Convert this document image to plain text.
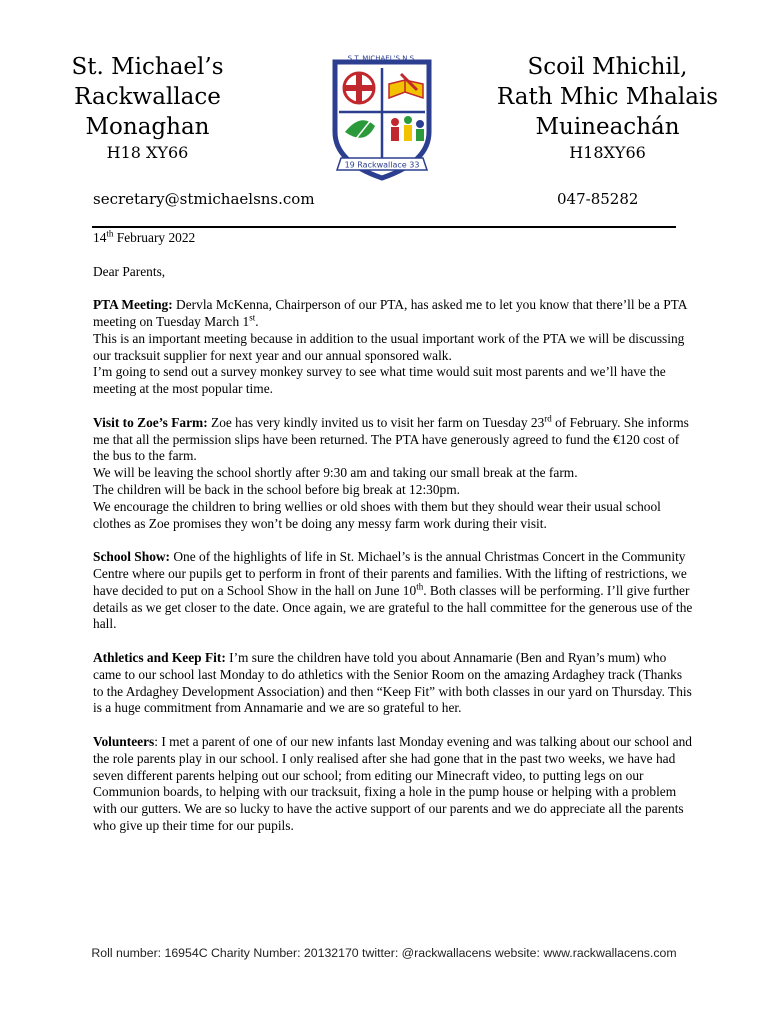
St. Michael’s
Rackwallace
Monaghan
H18 XY66
19 Rackwallace 33
S.T. MICHAEL'S N.S.	Scoil Mhichil,
Rath Mhic Mhalais
Muineachán
H18XY66
secretary@stmichaelsns.com	047-85282

14th February 2022

Dear Parents,

PTA Meeting: Dervla McKenna, Chairperson of our PTA, has asked me to let you know that there’ll be a PTA meeting on Tuesday March 1st.
This is an important meeting because in addition to the usual important work of the PTA we will be discussing our tracksuit supplier for next year and our annual sponsored walk.
I’m going to send out a survey monkey survey to see what time would suit most parents and we’ll have the meeting at the most popular time.

Visit to Zoe’s Farm: Zoe has very kindly invited us to visit her farm on Tuesday 23rd of February. She informs me that all the permission slips have been returned. The PTA have generously agreed to fund the €120 cost of the bus to the farm.
We will be leaving the school shortly after 9:30 am and taking our small break at the farm.
The children will be back in the school before big break at 12:30pm.
We encourage the children to bring wellies or old shoes with them but they should wear their usual school clothes as Zoe promises they won’t be doing any messy farm work during their visit.

School Show: One of the highlights of life in St. Michael’s is the annual Christmas Concert in the Community Centre where our pupils get to perform in front of their parents and families. With the lifting of restrictions, we have decided to put on a School Show in the hall on June 10th. Both classes will be performing. I’ll give further details as we get closer to the date. Once again, we are grateful to the hall committee for the generous use of the hall.

Athletics and Keep Fit: I’m sure the children have told you about Annamarie (Ben and Ryan’s mum) who came to our school last Monday to do athletics with the Senior Room on the amazing Ardaghey track (Thanks to the Ardaghey Development Association) and then “Keep Fit” with both classes in our yard on Thursday. This is a huge commitment from Annamarie and we are so grateful to her.

Volunteers: I met a parent of one of our new infants last Monday evening and was talking about our school and the role parents play in our school. I only realised after she had gone that in the past two weeks, we have had seven different parents helping out our school; from editing our Minecraft video, to putting legs on our Communion boards, to helping with our tracksuit, fixing a hole in the pump house or helping with a problem with our gutters. We are so lucky to have the active support of our parents and we do appreciate all the parents who give up their time for our pupils.

Roll number: 16954C Charity Number: 20132170 twitter: @rackwallacens website: www.rackwallacens.com
